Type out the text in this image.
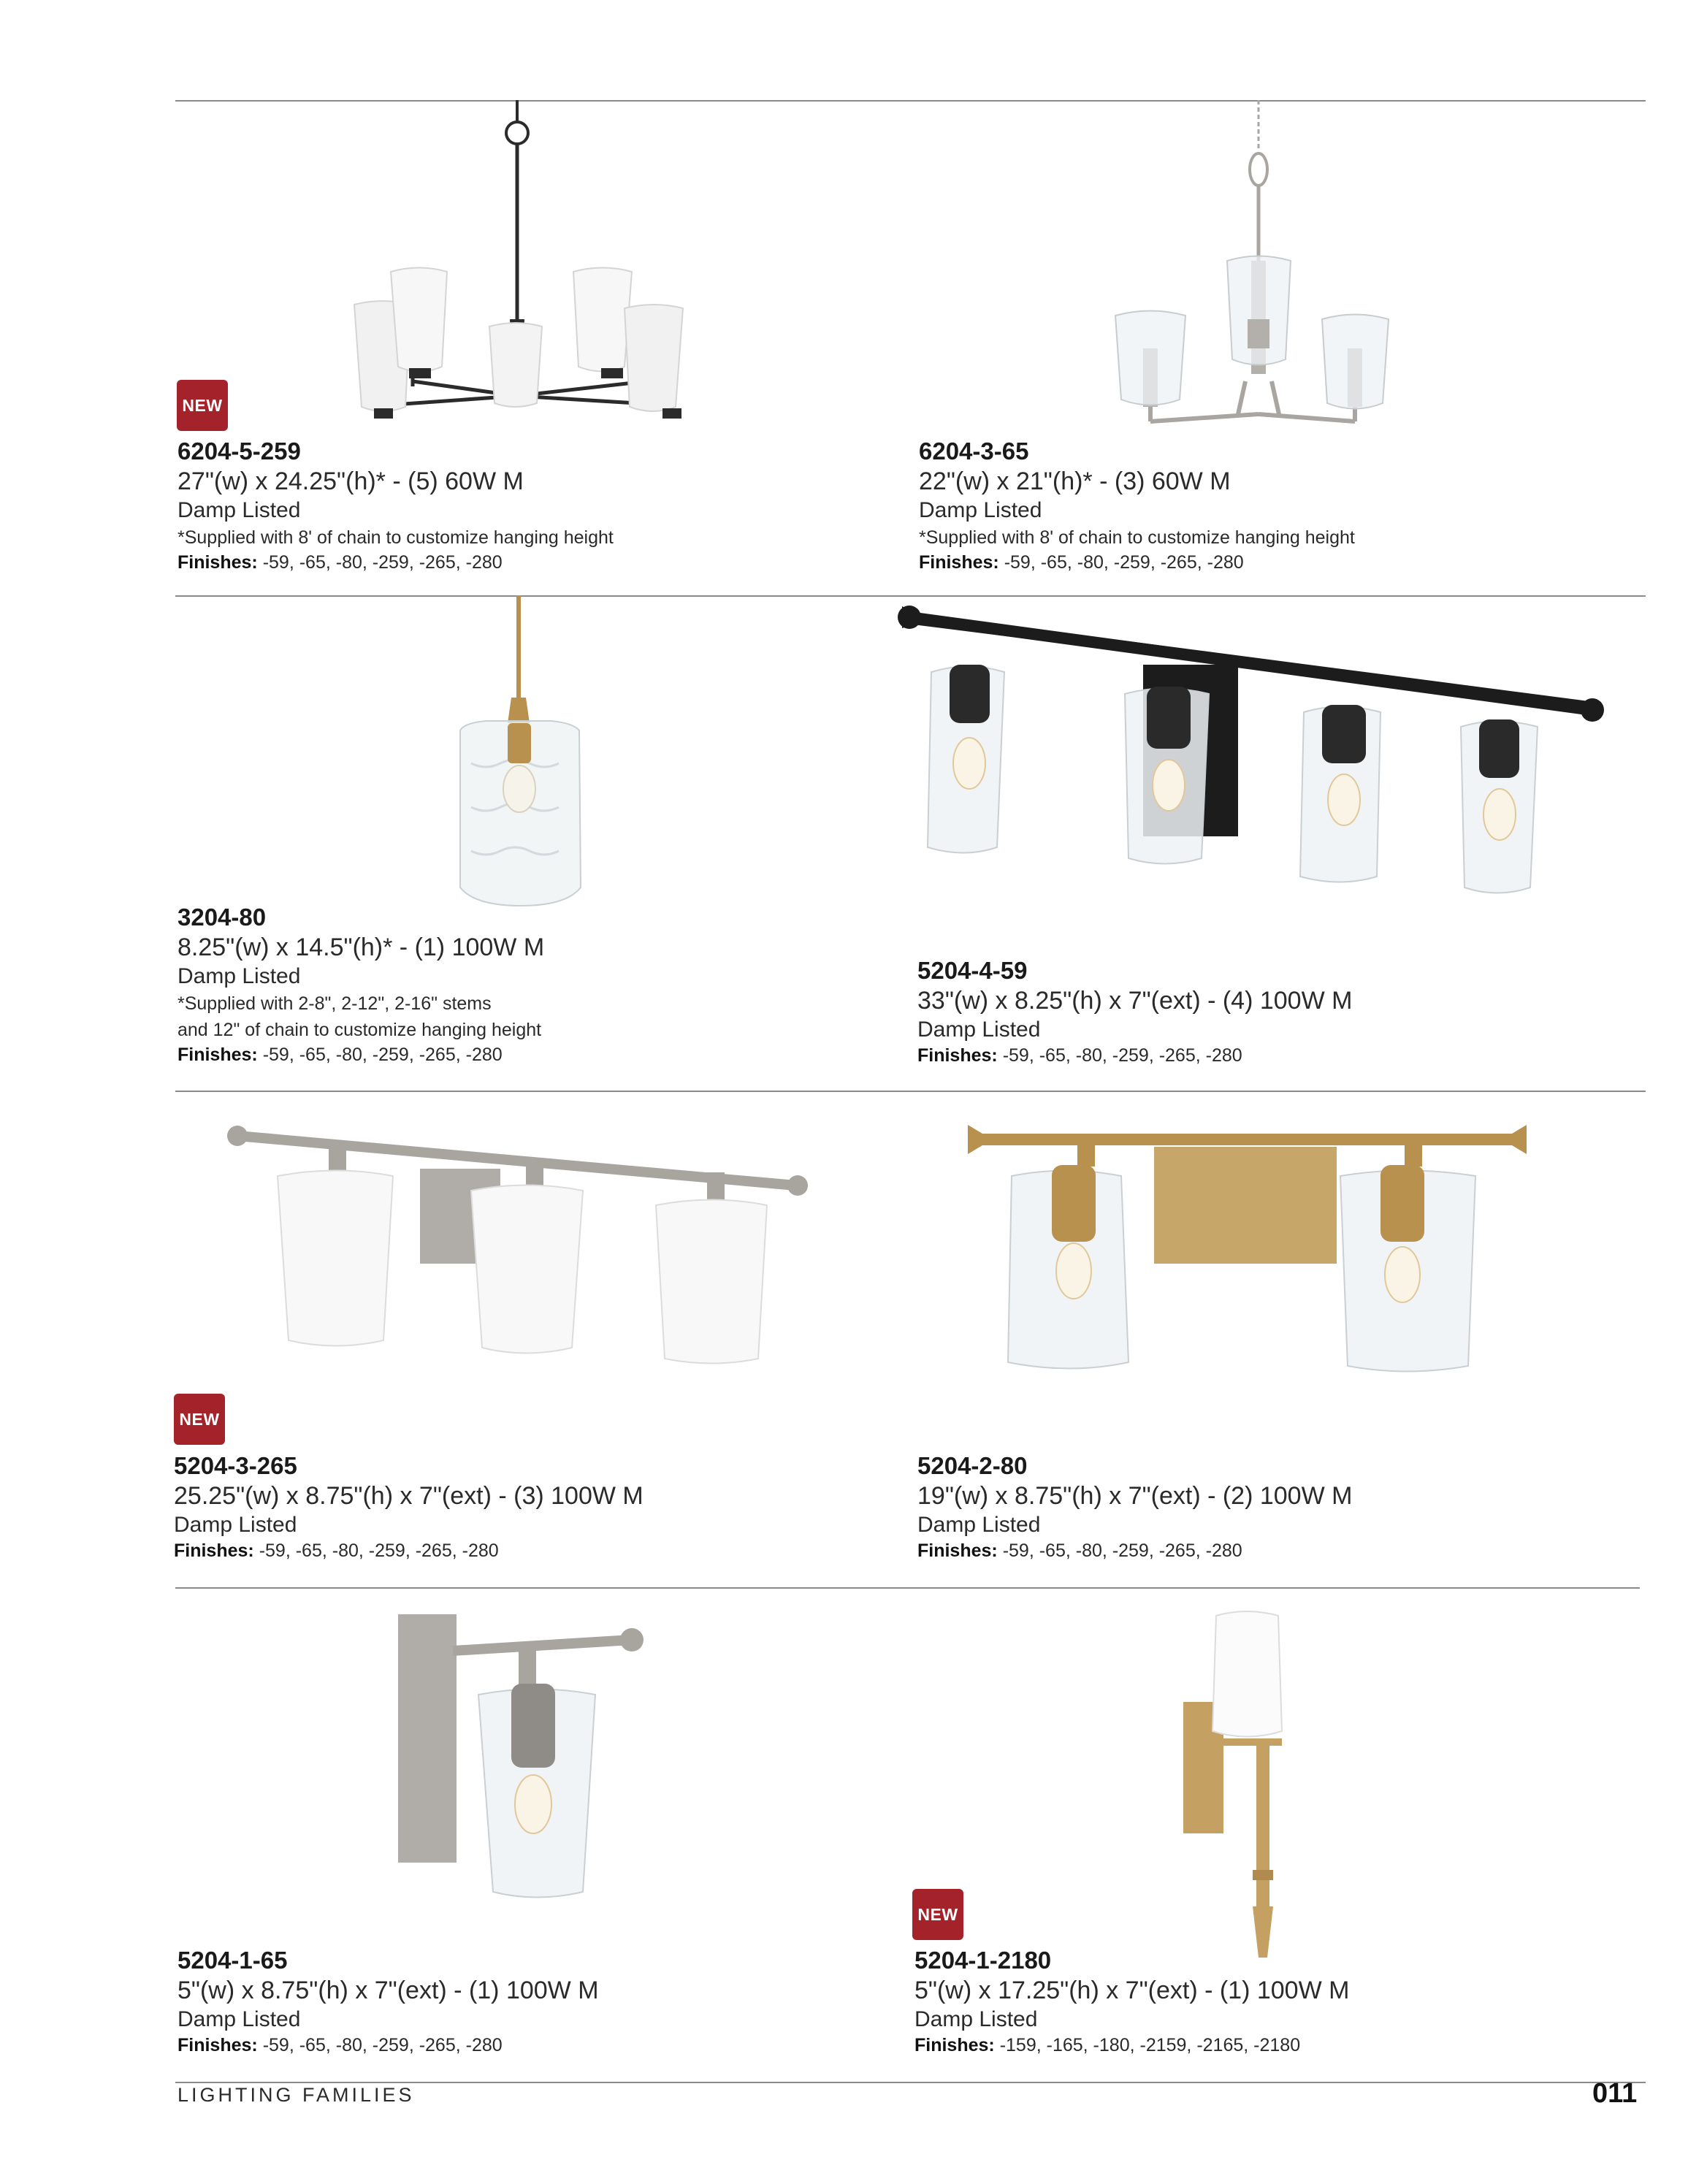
NEW
6204-5-259
27"(w) x 24.25"(h)* - (5) 60W M
Damp Listed
*Supplied with 8' of chain to customize hanging height
Finishes: -59, -65, -80, -259, -265, -280
6204-3-65
22"(w) x 21"(h)* - (3) 60W M
Damp Listed
*Supplied with 8' of chain to customize hanging height
Finishes: -59, -65, -80, -259, -265, -280
3204-80
8.25"(w) x 14.5"(h)* - (1) 100W M
Damp Listed
*Supplied with 2-8", 2-12", 2-16" stems
and 12" of chain to customize hanging height
Finishes: -59, -65, -80, -259, -265, -280
5204-4-59
33"(w) x 8.25"(h) x 7"(ext) - (4) 100W M
Damp Listed
Finishes: -59, -65, -80, -259, -265, -280
NEW
5204-3-265
25.25"(w) x 8.75"(h) x 7"(ext) - (3) 100W M
Damp Listed
Finishes: -59, -65, -80, -259, -265, -280
5204-2-80
19"(w) x 8.75"(h) x 7"(ext) - (2) 100W M
Damp Listed
Finishes: -59, -65, -80, -259, -265, -280
5204-1-65
5"(w) x 8.75"(h) x 7"(ext) - (1) 100W M
Damp Listed
Finishes: -59, -65, -80, -259, -265, -280
NEW
5204-1-2180
5"(w) x 17.25"(h) x 7"(ext) - (1) 100W M
Damp Listed
Finishes: -159, -165, -180, -2159, -2165, -2180
LIGHTING FAMILIES	011
